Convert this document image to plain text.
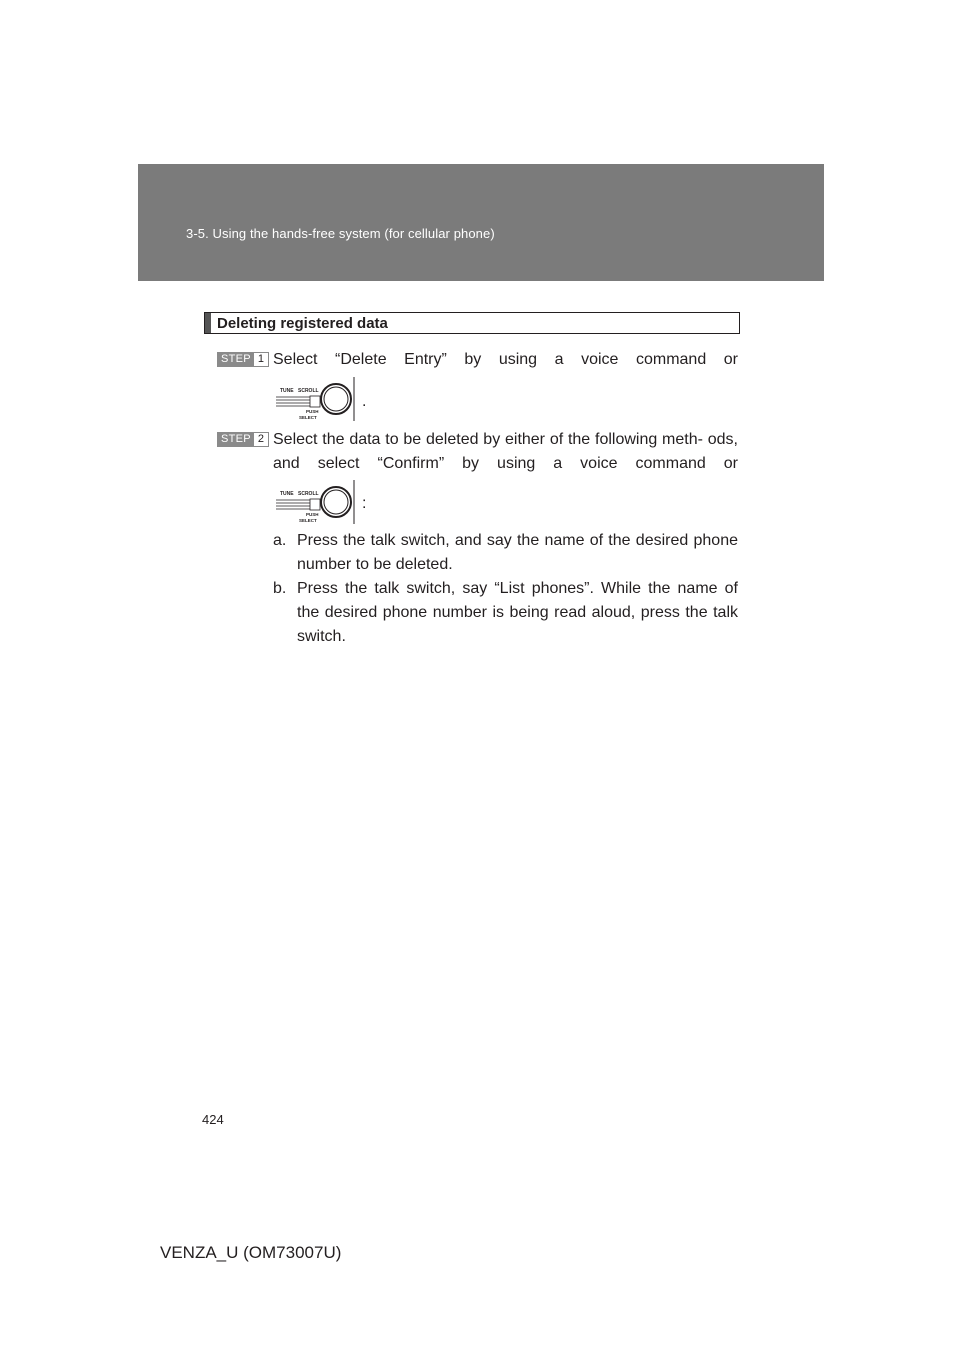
3-5. Using the hands-free system (for cellular phone)
Deleting registered data
STEP 1 Select “Delete Entry” by using a voice command or
TUNE SCROLL
PUSH
SELECT
.
STEP 2 Select the data to be deleted by either of the following meth- ods, and select “Confirm” by using a voice command or
TUNE SCROLL
PUSH
SELECT
:
a. Press the talk switch, and say the name of the desired phone number to be deleted.
b. Press the talk switch, say “List phones”. While the name of the desired phone number is being read aloud, press the talk switch.
424
VENZA_U (OM73007U)
